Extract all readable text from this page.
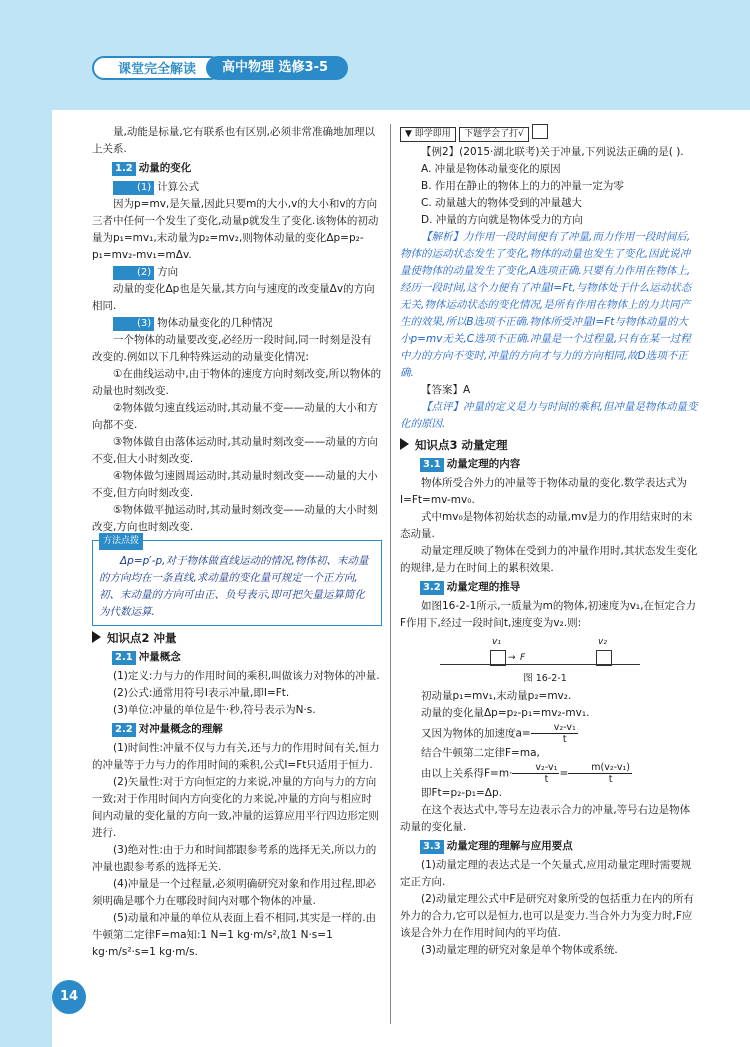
课堂完全解读	高中物理 选修3-5

量,动能是标量,它有联系也有区别,必须非常准确地加理以上关系.

1.2 动量的变化

(1) 计算公式

因为p=mv,是矢量,因此只要m的大小,v的大小和v的方向三者中任何一个发生了变化,动量p就发生了变化.该物体的初动量为p₁=mv₁,末动量为p₂=mv₂,则物体动量的变化Δp=p₂-p₁=mv₂-mv₁=mΔv.

(2) 方向

动量的变化Δp也是矢量,其方向与速度的改变量Δv的方向相同.

(3) 物体动量变化的几种情况

一个物体的动量要改变,必经历一段时间,同一时刻是没有改变的.例如以下几种特殊运动的动量变化情况:

①在曲线运动中,由于物体的速度方向时刻改变,所以物体的动量也时刻改变.

②物体做匀速直线运动时,其动量不变——动量的大小和方向都不变.

③物体做自由落体运动时,其动量时刻改变——动量的方向不变,但大小时刻改变.

④物体做匀速圆周运动时,其动量时刻改变——动量的大小不变,但方向时刻改变.

⑤物体做平抛运动时,其动量时刻改变——动量的大小时刻改变,方向也时刻改变.

方法点拨

Δp=p′-p,对于物体做直线运动的情况,物体初、末动量的方向均在一条直线,求动量的变化量可规定一个正方向,初、末动量的方向可由正、负号表示,即可把矢量运算简化为代数运算.

知识点2 冲量

2.1 冲量概念

(1)定义:力与力的作用时间的乘积,叫做该力对物体的冲量.

(2)公式:通常用符号I表示冲量,即I=Ft.

(3)单位:冲量的单位是牛·秒,符号表示为N·s.

2.2 对冲量概念的理解

(1)时间性:冲量不仅与力有关,还与力的作用时间有关,恒力的冲量等于力与力的作用时间的乘积,公式I=Ft只适用于恒力.

(2)矢量性:对于方向恒定的力来说,冲量的方向与力的方向一致;对于作用时间内方向变化的力来说,冲量的方向与相应时间内动量的变化量的方向一致,冲量的运算应用平行四边形定则进行.

(3)绝对性:由于力和时间都跟参考系的选择无关,所以力的冲量也跟参考系的选择无关.

(4)冲量是一个过程量,必须明确研究对象和作用过程,即必须明确是哪个力在哪段时间内对哪个物体的冲量.

(5)动量和冲量的单位从表面上看不相同,其实是一样的.由牛顿第二定律F=ma知:1 N=1 kg·m/s²,故1 N·s=1 kg·m/s²·s=1 kg·m/s.

▼ 即学即用 下题学会了打√

【例2】(2015·湖北联考)关于冲量,下列说法正确的是( ).

A. 冲量是物体动量变化的原因

B. 作用在静止的物体上的力的冲量一定为零

C. 动量越大的物体受到的冲量越大

D. 冲量的方向就是物体受力的方向

【解析】力作用一段时间便有了冲量,而力作用一段时间后,物体的运动状态发生了变化,物体的动量也发生了变化,因此说冲量使物体的动量发生了变化,A选项正确.只要有力作用在物体上,经历一段时间,这个力便有了冲量I=Ft,与物体处于什么运动状态无关,物体运动状态的变化情况,是所有作用在物体上的力共同产生的效果,所以B选项不正确.物体所受冲量I=Ft与物体动量的大小p=mv无关,C选项不正确.冲量是一个过程量,只有在某一过程中力的方向不变时,冲量的方向才与力的方向相同,故D选项不正确.

【答案】A

【点评】冲量的定义是力与时间的乘积,但冲量是物体动量变化的原因.

知识点3 动量定理

3.1 动量定理的内容

物体所受合外力的冲量等于物体动量的变化.数学表达式为I=Ft=mv-mv₀.

式中mv₀是物体初始状态的动量,mv是力的作用结束时的末态动量.

动量定理反映了物体在受到力的冲量作用时,其状态发生变化的规律,是力在时间上的累积效果.

3.2 动量定理的推导

如图16-2-1所示,一质量为m的物体,初速度为v₁,在恒定合力F作用下,经过一段时间t,速度变为v₂.则:

v₁	v₂
→ F
图 16-2-1

初动量p₁=mv₁,末动量p₂=mv₂.

动量的变化量Δp=p₂-p₁=mv₂-mv₁.

又因为物体的加速度$a= \frac{\text{v₂-v₁}}{t}$

结合牛顿第二定律F=ma,

由以上关系得$F=m\cdot \frac{\text{v₂-v₁}}{t} = \frac{\text{m(v₂-v₁)}}{t}$

即Ft=p₂-p₁=Δp.

在这个表达式中,等号左边表示合力的冲量,等号右边是物体动量的变化量.

3.3 动量定理的理解与应用要点

(1)动量定理的表达式是一个矢量式,应用动量定理时需要规定正方向.

(2)动量定理公式中F是研究对象所受的包括重力在内的所有外力的合力,它可以是恒力,也可以是变力.当合外力为变力时,F应该是合外力在作用时间内的平均值.

(3)动量定理的研究对象是单个物体或系统.

14
